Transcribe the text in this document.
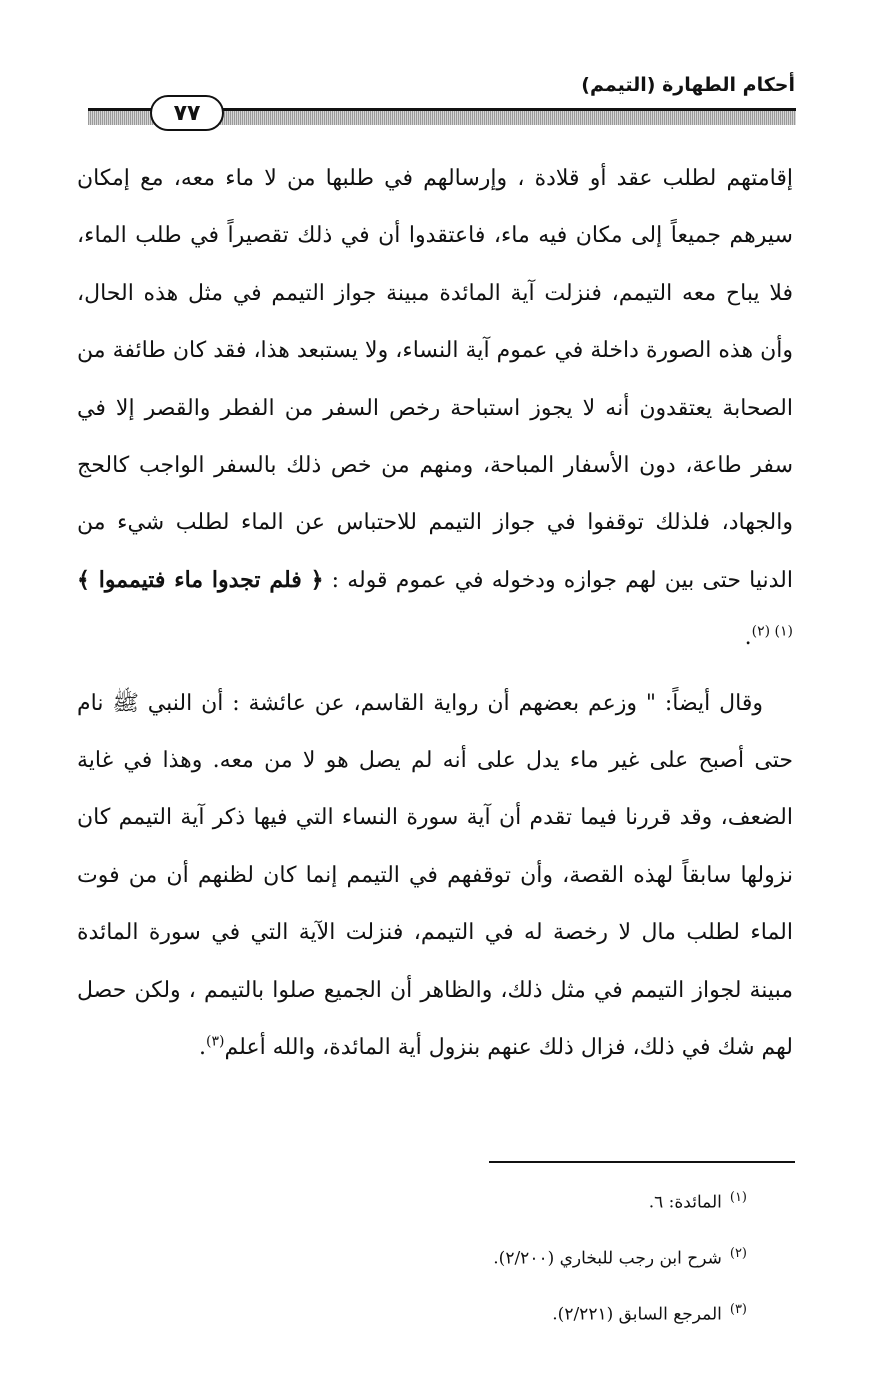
أحكام الطهارة (التيمم)
٧٧

إقامتهم لطلب عقد أو قلادة ، وإرسالهم في طلبها من لا ماء معه، مع إمكان سيرهم جميعاً إلى مكان فيه ماء، فاعتقدوا أن في ذلك تقصيراً في طلب الماء، فلا يباح معه التيمم، فنزلت آية المائدة مبينة جواز التيمم في مثل هذه الحال، وأن هذه الصورة داخلة في عموم آية النساء، ولا يستبعد هذا، فقد كان طائفة من الصحابة يعتقدون أنه لا يجوز استباحة رخص السفر من الفطر والقصر إلا في سفر طاعة، دون الأسفار المباحة، ومنهم من خص ذلك بالسفر الواجب كالحج والجهاد، فلذلك توقفوا في جواز التيمم للاحتباس عن الماء لطلب شيء من الدنيا حتى بين لهم جوازه ودخوله في عموم قوله : ﴿ فلم تجدوا ماء فتيمموا ﴾ $^{(١) (٢)}$.

وقال أيضاً: " وزعم بعضهم أن رواية القاسم، عن عائشة : أن النبي ﷺ نام حتى أصبح على غير ماء يدل على أنه لم يصل هو لا من معه. وهذا في غاية الضعف، وقد قررنا فيما تقدم أن آية سورة النساء التي فيها ذكر آية التيمم كان نزولها سابقاً لهذه القصة، وأن توقفهم في التيمم إنما كان لظنهم أن من فوت الماء لطلب مال لا رخصة له في التيمم، فنزلت الآية التي في سورة المائدة مبينة لجواز التيمم في مثل ذلك، والظاهر أن الجميع صلوا بالتيمم ، ولكن حصل لهم شك في ذلك، فزال ذلك عنهم بنزول أية المائدة، والله أعلم$^{(٣)}$.

$^{(١)}$المائدة: ٦.
$^{(٢)}$شرح ابن رجب للبخاري (٢/٢٠٠).
$^{(٣)}$المرجع السابق (٢/٢٢١).
